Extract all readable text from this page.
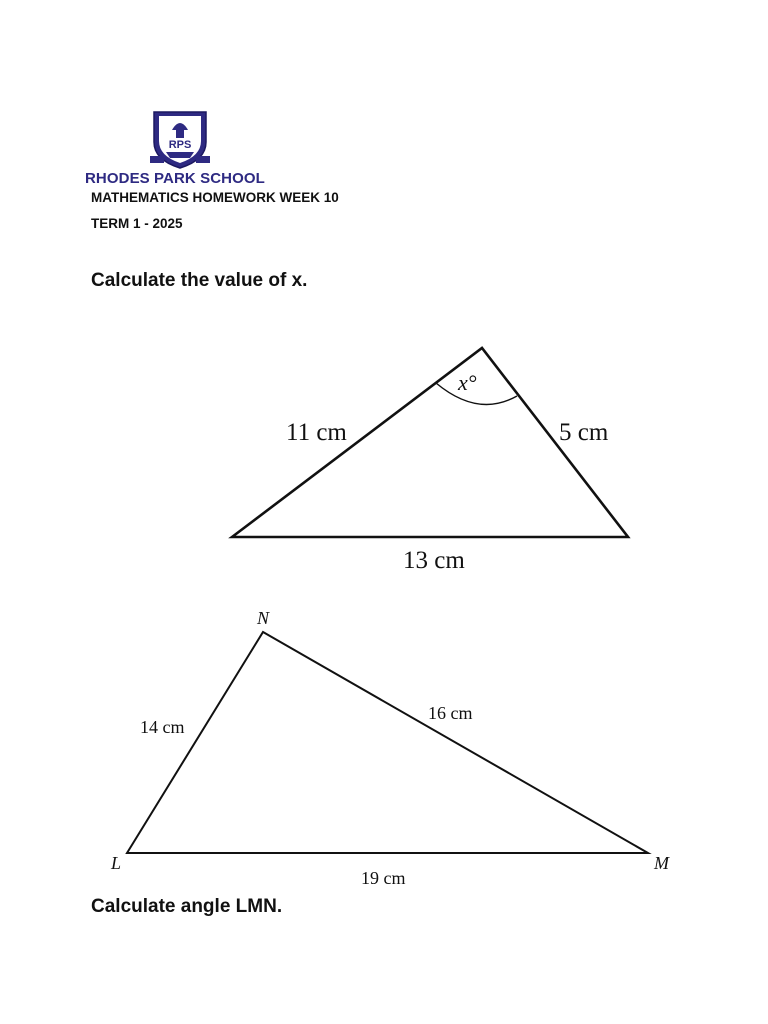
RPS
RHODES PARK SCHOOL
MATHEMATICS HOMEWORK WEEK 10
TERM 1 - 2025
Calculate the value of x.
x°
11 cm	5 cm
13 cm
N
L	M
14 cm
16 cm
19 cm
Calculate angle LMN.
